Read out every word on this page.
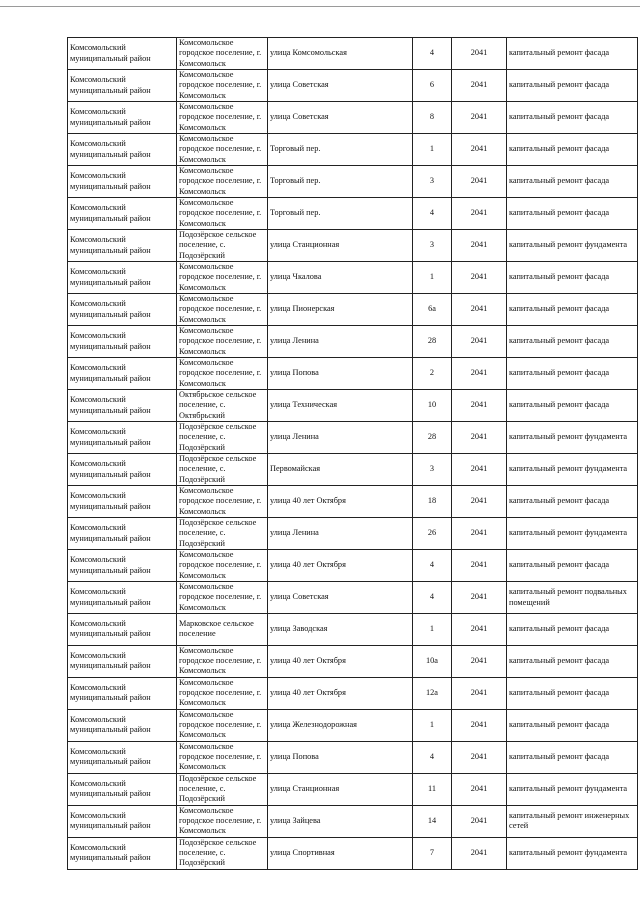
Комсомольский муниципальный район	Комсомольское городское поселение, г. Комсомольск	улица Комсомольская	4	2041	капитальный ремонт фасада

Комсомольский муниципальный район	Комсомольское городское поселение, г. Комсомольск	улица Советская	6	2041	капитальный ремонт фасада

Комсомольский муниципальный район	Комсомольское городское поселение, г. Комсомольск	улица Советская	8	2041	капитальный ремонт фасада

Комсомольский муниципальный район	Комсомольское городское поселение, г. Комсомольск	Торговый пер.	1	2041	капитальный ремонт фасада

Комсомольский муниципальный район	Комсомольское городское поселение, г. Комсомольск	Торговый пер.	3	2041	капитальный ремонт фасада

Комсомольский муниципальный район	Комсомольское городское поселение, г. Комсомольск	Торговый пер.	4	2041	капитальный ремонт фасада

Комсомольский муниципальный район	Подозёрское сельское поселение, с. Подозёрский	улица Станционная	3	2041	капитальный ремонт фундамента

Комсомольский муниципальный район	Комсомольское городское поселение, г. Комсомольск	улица Чкалова	1	2041	капитальный ремонт фасада

Комсомольский муниципальный район	Комсомольское городское поселение, г. Комсомольск	улица Пионерская	6а	2041	капитальный ремонт фасада

Комсомольский муниципальный район	Комсомольское городское поселение, г. Комсомольск	улица Ленина	28	2041	капитальный ремонт фасада

Комсомольский муниципальный район	Комсомольское городское поселение, г. Комсомольск	улица Попова	2	2041	капитальный ремонт фасада

Комсомольский муниципальный район	Октябрьское сельское поселение, с. Октябрьский	улица Техническая	10	2041	капитальный ремонт фасада

Комсомольский муниципальный район	Подозёрское сельское поселение, с. Подозёрский	улица Ленина	28	2041	капитальный ремонт фундамента

Комсомольский муниципальный район	Подозёрское сельское поселение, с. Подозёрский	Первомайская	3	2041	капитальный ремонт фундамента

Комсомольский муниципальный район	Комсомольское городское поселение, г. Комсомольск	улица 40 лет Октября	18	2041	капитальный ремонт фасада

Комсомольский муниципальный район	Подозёрское сельское поселение, с. Подозёрский	улица Ленина	26	2041	капитальный ремонт фундамента

Комсомольский муниципальный район	Комсомольское городское поселение, г. Комсомольск	улица 40 лет Октября	4	2041	капитальный ремонт фасада

Комсомольский муниципальный район	Комсомольское городское поселение, г. Комсомольск	улица Советская	4	2041	капитальный ремонт подвальных помещений

Комсомольский муниципальный район	Марковское сельское поселение	улица Заводская	1	2041	капитальный ремонт фасада

Комсомольский муниципальный район	Комсомольское городское поселение, г. Комсомольск	улица 40 лет Октября	10а	2041	капитальный ремонт фасада

Комсомольский муниципальный район	Комсомольское городское поселение, г. Комсомольск	улица 40 лет Октября	12а	2041	капитальный ремонт фасада

Комсомольский муниципальный район	Комсомольское городское поселение, г. Комсомольск	улица Железнодорожная	1	2041	капитальный ремонт фасада

Комсомольский муниципальный район	Комсомольское городское поселение, г. Комсомольск	улица Попова	4	2041	капитальный ремонт фасада

Комсомольский муниципальный район	Подозёрское сельское поселение, с. Подозёрский	улица Станционная	11	2041	капитальный ремонт фундамента

Комсомольский муниципальный район	Комсомольское городское поселение, г. Комсомольск	улица Зайцева	14	2041	капитальный ремонт инженерных сетей

Комсомольский муниципальный район	Подозёрское сельское поселение, с. Подозёрский	улица Спортивная	7	2041	капитальный ремонт фундамента
